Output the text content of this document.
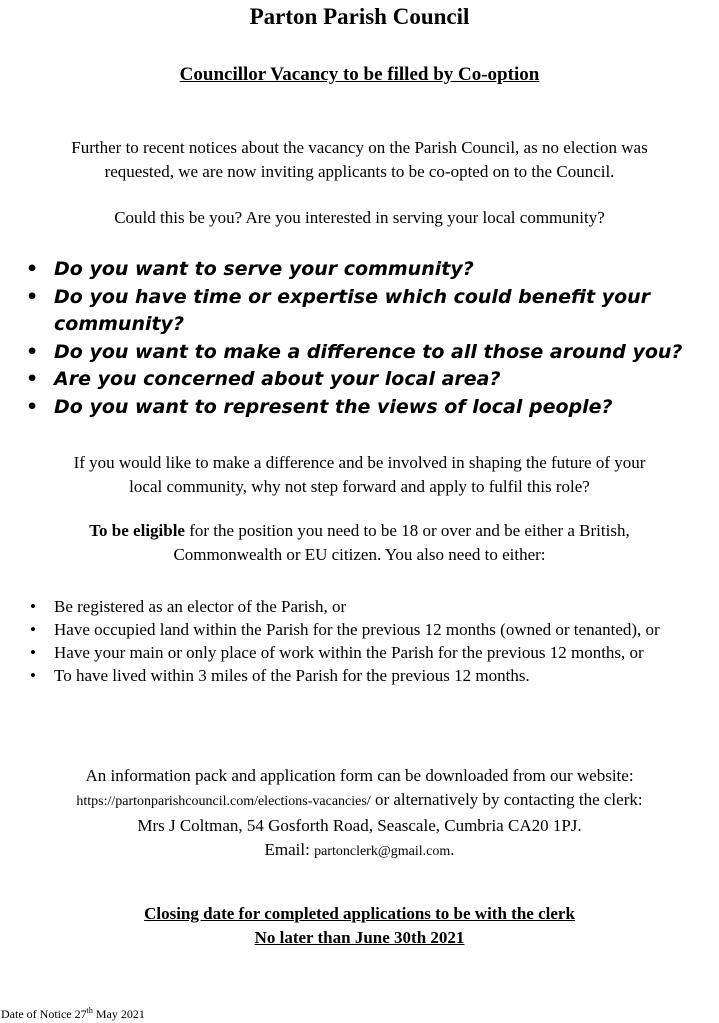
Parton Parish Council

Councillor Vacancy to be filled by Co-option

Further to recent notices about the vacancy on the Parish Council, as no election was
requested, we are now inviting applicants to be co-opted on to the Council.
Could this be you? Are you interested in serving your local community?
• Do you want to serve your community?
• Do you have time or expertise which could benefit your community?
• Do you want to make a difference to all those around you?
• Are you concerned about your local area?
• Do you want to represent the views of local people?
If you would like to make a difference and be involved in shaping the future of your
local community, why not step forward and apply to fulfil this role?
To be eligible for the position you need to be 18 or over and be either a British,
Commonwealth or EU citizen. You also need to either:
• Be registered as an elector of the Parish, or
• Have occupied land within the Parish for the previous 12 months (owned or tenanted), or
• Have your main or only place of work within the Parish for the previous 12 months, or
• To have lived within 3 miles of the Parish for the previous 12 months.
An information pack and application form can be downloaded from our website:
https://partonparishcouncil.com/elections-vacancies/ or alternatively by contacting the clerk:
Mrs J Coltman, 54 Gosforth Road, Seascale, Cumbria CA20 1PJ.
Email: partonclerk@gmail.com.
Closing date for completed applications to be with the clerk
No later than June 30th 2021

Date of Notice 27th May 2021
